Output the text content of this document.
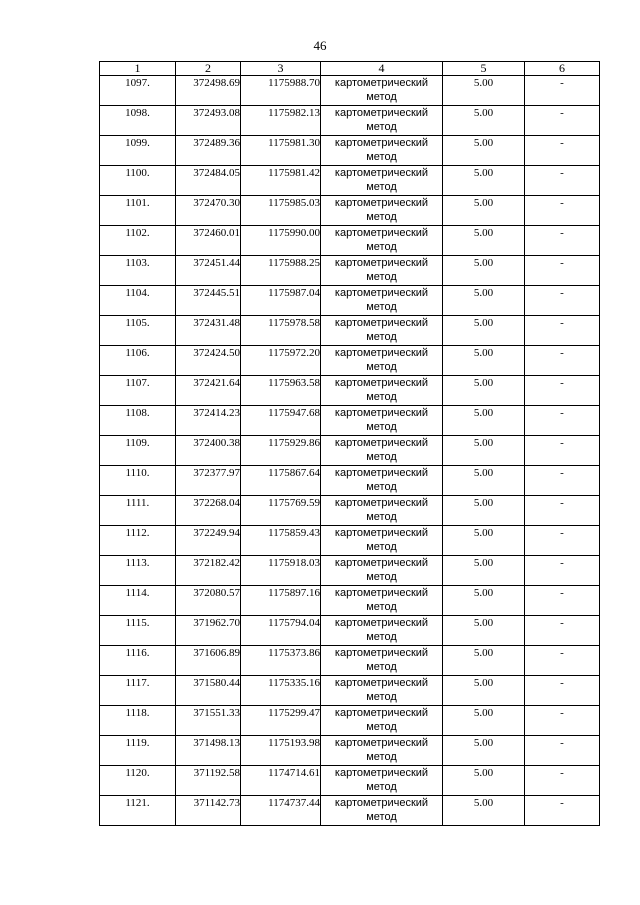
46
1	2	3	4	5	6
1097.	372498.69	1175988.70	картометрический метод	5.00	-
1098.	372493.08	1175982.13	картометрический метод	5.00	-
1099.	372489.36	1175981.30	картометрический метод	5.00	-
1100.	372484.05	1175981.42	картометрический метод	5.00	-
1101.	372470.30	1175985.03	картометрический метод	5.00	-
1102.	372460.01	1175990.00	картометрический метод	5.00	-
1103.	372451.44	1175988.25	картометрический метод	5.00	-
1104.	372445.51	1175987.04	картометрический метод	5.00	-
1105.	372431.48	1175978.58	картометрический метод	5.00	-
1106.	372424.50	1175972.20	картометрический метод	5.00	-
1107.	372421.64	1175963.58	картометрический метод	5.00	-
1108.	372414.23	1175947.68	картометрический метод	5.00	-
1109.	372400.38	1175929.86	картометрический метод	5.00	-
1110.	372377.97	1175867.64	картометрический метод	5.00	-
1111.	372268.04	1175769.59	картометрический метод	5.00	-
1112.	372249.94	1175859.43	картометрический метод	5.00	-
1113.	372182.42	1175918.03	картометрический метод	5.00	-
1114.	372080.57	1175897.16	картометрический метод	5.00	-
1115.	371962.70	1175794.04	картометрический метод	5.00	-
1116.	371606.89	1175373.86	картометрический метод	5.00	-
1117.	371580.44	1175335.16	картометрический метод	5.00	-
1118.	371551.33	1175299.47	картометрический метод	5.00	-
1119.	371498.13	1175193.98	картометрический метод	5.00	-
1120.	371192.58	1174714.61	картометрический метод	5.00	-
1121.	371142.73	1174737.44	картометрический метод	5.00	-
